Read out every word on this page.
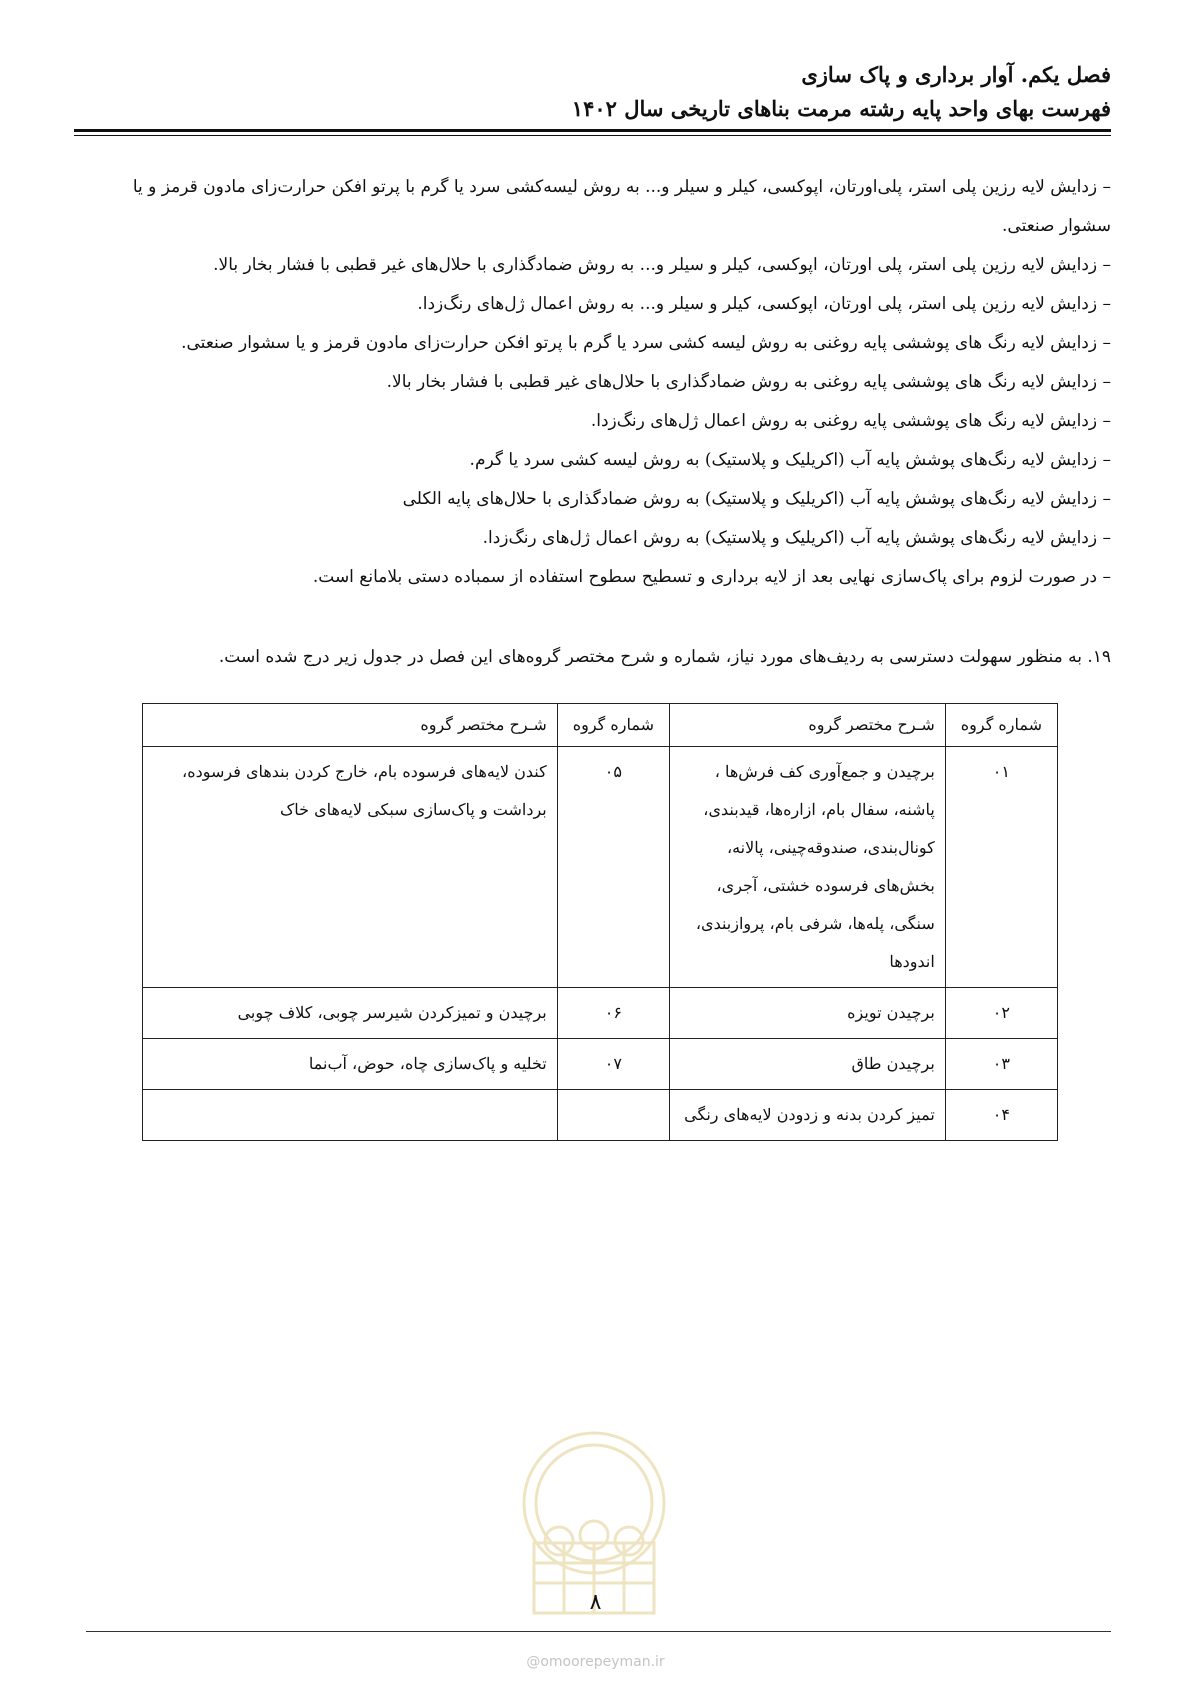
فصل یکم. آوار برداری و پاک سازی
فهرست بهای واحد پایه رشته مرمت بناهای تاریخی سال ۱۴۰۲

– زدایش لایه رزین پلی استر، پلی‌اورتان، اپوکسی، کیلر و سیلر و... به روش لیسه‌کشی سرد یا گرم با پرتو افکن حرارت‌زای مادون قرمز و یا سشوار صنعتی.

– زدایش لایه رزین پلی استر، پلی اورتان، اپوکسی، کیلر و سیلر و... به روش ضمادگذاری با حلال‌های غیر قطبی با فشار بخار بالا.

– زدایش لایه رزین پلی استر، پلی اورتان، اپوکسی، کیلر و سیلر و... به روش اعمال ژل‌های رنگ‌زدا.

– زدایش لایه رنگ های پوششی پایه روغنی به روش لیسه کشی سرد یا گرم با پرتو افکن حرارت‌زای مادون قرمز و یا سشوار صنعتی.

– زدایش لایه رنگ های پوششی پایه روغنی به روش ضمادگذاری با حلال‌های غیر قطبی با فشار بخار بالا.

– زدایش لایه رنگ های پوششی پایه روغنی به روش اعمال ژل‌های رنگ‌زدا.

– زدایش لایه رنگ‌های پوشش پایه آب (اکریلیک و پلاستیک) به روش لیسه کشی سرد یا گرم.

– زدایش لایه رنگ‌های پوشش پایه آب (اکریلیک و پلاستیک) به روش ضمادگذاری با حلال‌های پایه الکلی

– زدایش لایه رنگ‌های پوشش پایه آب (اکریلیک و پلاستیک) به روش اعمال ژل‌های رنگ‌زدا.

– در صورت لزوم برای پاک‌سازی نهایی بعد از لایه برداری و تسطیح سطوح استفاده از سمباده دستی بلامانع است.

۱۹. به منظور سهولت دسترسی به ردیف‌های مورد نیاز، شماره و شرح مختصر گروه‌های این فصل در جدول زیر درج شده است.
شماره گروه	شـرح مختصر گروه	شماره گروه	شـرح مختصر گروه
۰۱	برچیدن و جمع‌آوری کف فرش‌ها ، پاشنه، سفال بام، ازاره‌ها، قیدبندی، کونال‌بندی، صندوقه‌چینی، پالانه، بخش‌های فرسوده خشتی، آجری، سنگی، پله‌ها، شرفی بام، پروازبندی، اندودها	۰۵	کندن لایه‌های فرسوده بام، خارج کردن بندهای فرسوده، برداشت و پاک‌سازی سبکی لایه‌های خاک
۰۲	برچیدن تویزه	۰۶	برچیدن و تمیزکردن شیرسر چوبی، کلاف چوبی
۰۳	برچیدن طاق	۰۷	تخلیه و پاک‌سازی چاه، حوض، آب‌نما
۰۴	تمیز کردن بدنه و زدودن لایه‌های رنگی		
۸
@omoorepeyman.ir
